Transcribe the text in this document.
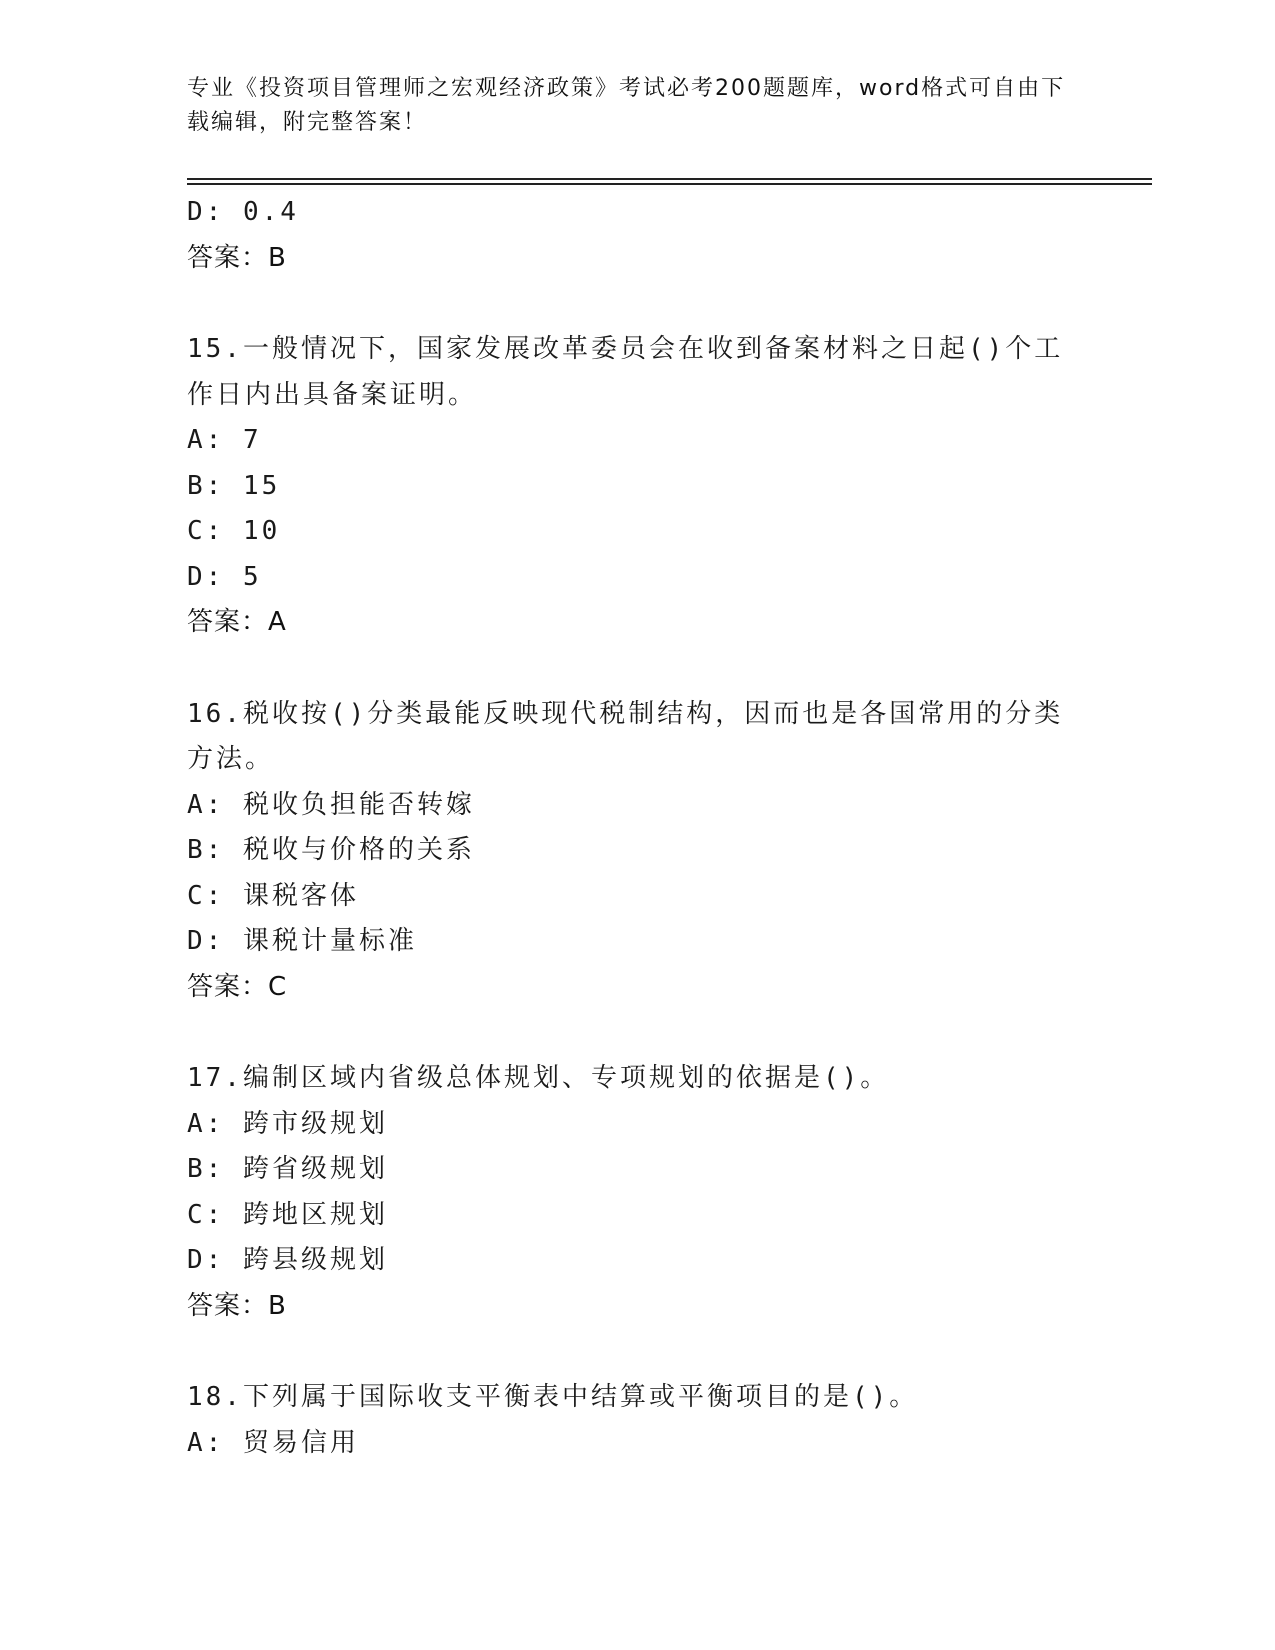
专业《投资项目管理师之宏观经济政策》考试必考200题题库，word格式可自由下载编辑，附完整答案！
D: 0.4
答案：B
15.一般情况下，国家发展改革委员会在收到备案材料之日起()个工作日内出具备案证明。
A: 7
B: 15
C: 10
D: 5
答案：A
16.税收按()分类最能反映现代税制结构，因而也是各国常用的分类方法。
A: 税收负担能否转嫁
B: 税收与价格的关系
C: 课税客体
D: 课税计量标准
答案：C
17.编制区域内省级总体规划、专项规划的依据是()。
A: 跨市级规划
B: 跨省级规划
C: 跨地区规划
D: 跨县级规划
答案：B
18.下列属于国际收支平衡表中结算或平衡项目的是()。
A: 贸易信用
